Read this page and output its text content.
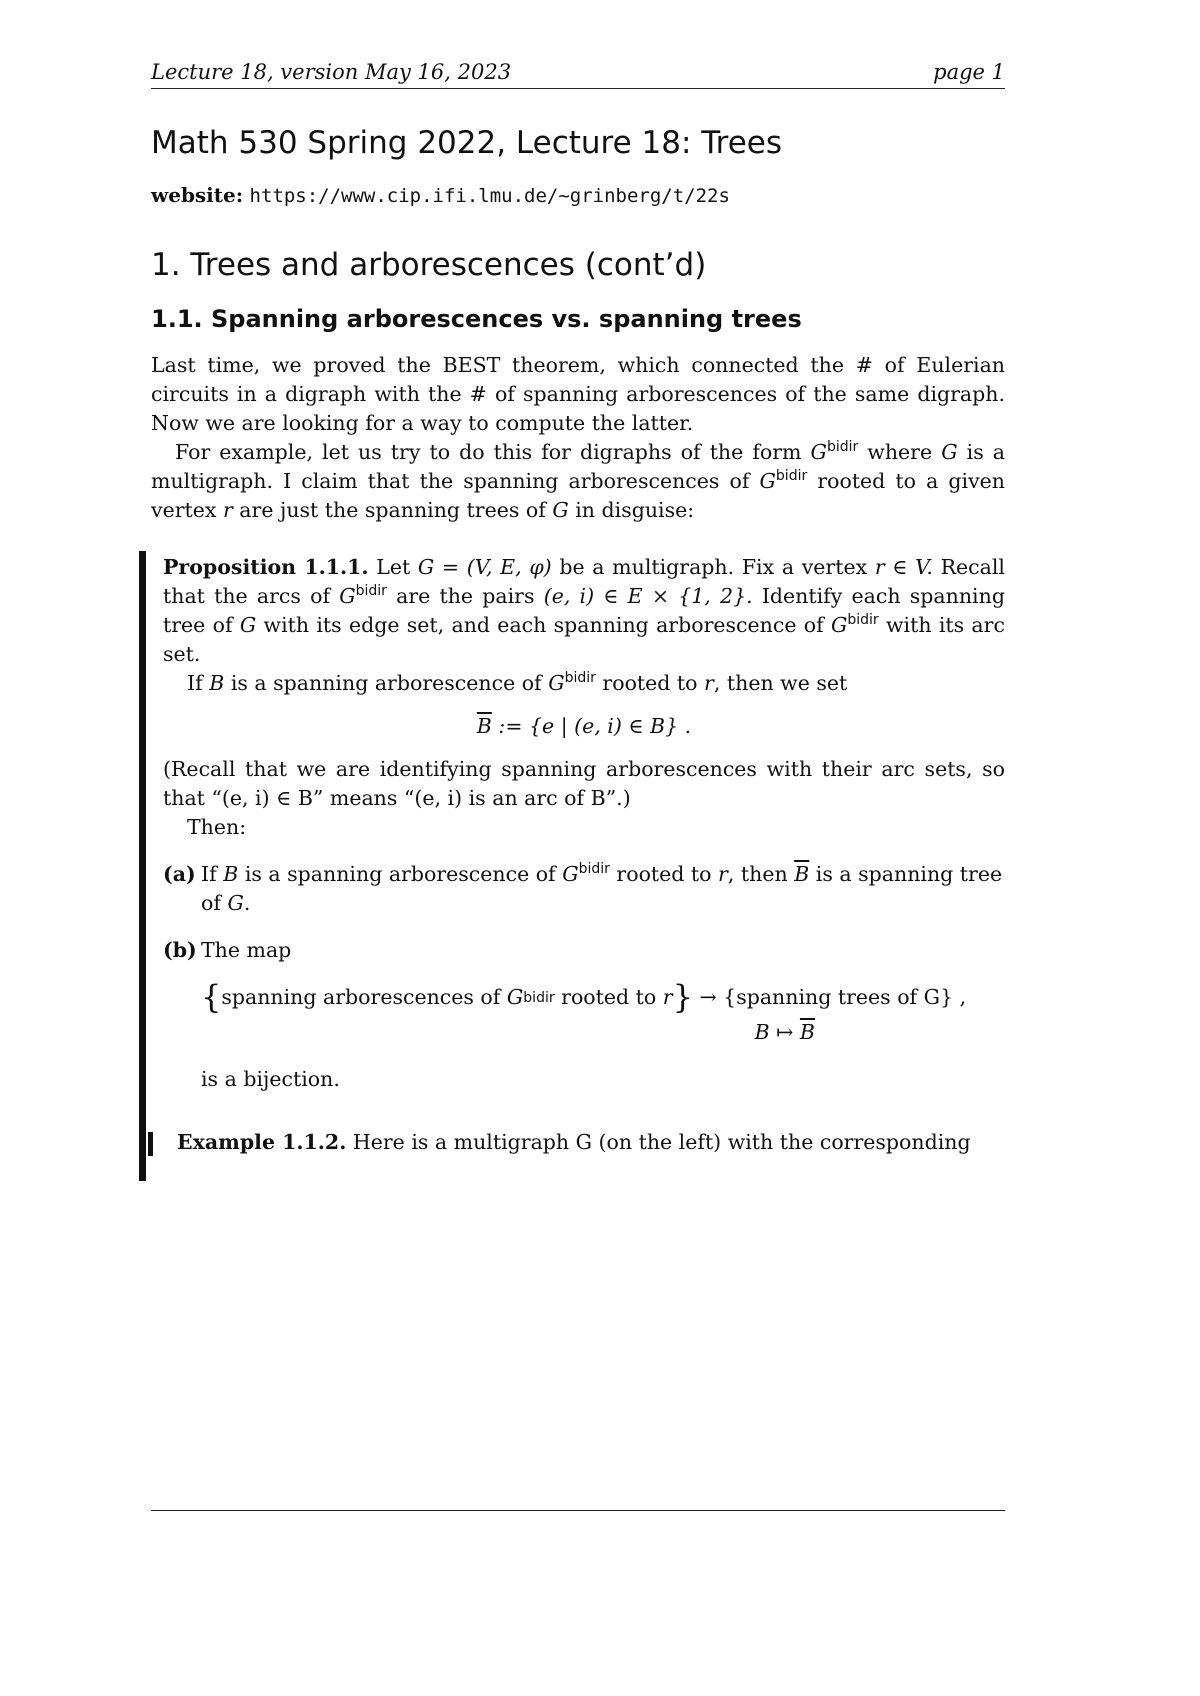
Lecture 18, version May 16, 2023	page 1
Math 530 Spring 2022, Lecture 18: Trees
website: https://www.cip.ifi.lmu.de/~grinberg/t/22s
1. Trees and arborescences (cont’d)
1.1. Spanning arborescences vs. spanning trees

Last time, we proved the BEST theorem, which connected the # of Eulerian circuits in a digraph with the # of spanning arborescences of the same digraph. Now we are looking for a way to compute the latter.

For example, let us try to do this for digraphs of the form $G^{bidir}$ where G is a multigraph. I claim that the spanning arborescences of $G^{bidir}$ rooted to a given vertex r are just the spanning trees of G in disguise:

Proposition 1.1.1. Let G = (V, E, φ) be a multigraph. Fix a vertex r ∈ V. Recall that the arcs of $G^{bidir}$ are the pairs (e, i) ∈ E × {1, 2}. Identify each spanning tree of G with its edge set, and each spanning arborescence of $G^{bidir}$ with its arc set.

If B is a spanning arborescence of $G^{bidir}$ rooted to r, then we set

$\overline{B}$ := {e | (e, i) ∈ B} .

(Recall that we are identifying spanning arborescences with their arc sets, so that “(e, i) ∈ B” means “(e, i) is an arc of B”.)

Then:

(a) If B is a spanning arborescence of $G^{bidir}$ rooted to r, then $\overline{B}$ is a spanning tree of G.
(b) The map
{ spanning arborescences of
G bidir
rooted to
r }
→ {spanning trees of G} ,
B ↦ $\overline{B}$
is a bijection.
Example 1.1.2. Here is a multigraph G (on the left) with the corresponding
